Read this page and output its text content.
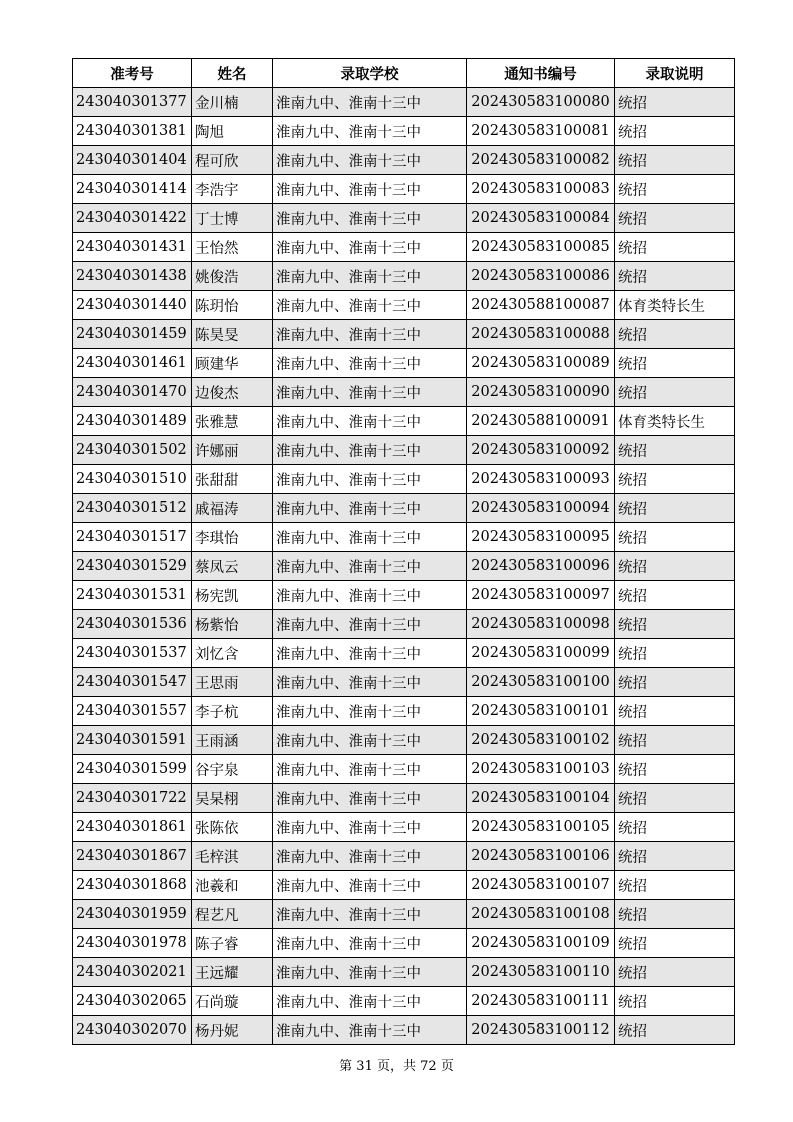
准考号	姓名	录取学校	通知书编号	录取说明
243040301377	金川楠	淮南九中、淮南十三中	202430583100080	统招
243040301381	陶旭	淮南九中、淮南十三中	202430583100081	统招
243040301404	程可欣	淮南九中、淮南十三中	202430583100082	统招
243040301414	李浩宇	淮南九中、淮南十三中	202430583100083	统招
243040301422	丁士博	淮南九中、淮南十三中	202430583100084	统招
243040301431	王怡然	淮南九中、淮南十三中	202430583100085	统招
243040301438	姚俊浩	淮南九中、淮南十三中	202430583100086	统招
243040301440	陈玥怡	淮南九中、淮南十三中	202430588100087	体育类特长生
243040301459	陈昊旻	淮南九中、淮南十三中	202430583100088	统招
243040301461	顾建华	淮南九中、淮南十三中	202430583100089	统招
243040301470	边俊杰	淮南九中、淮南十三中	202430583100090	统招
243040301489	张雅慧	淮南九中、淮南十三中	202430588100091	体育类特长生
243040301502	许娜丽	淮南九中、淮南十三中	202430583100092	统招
243040301510	张甜甜	淮南九中、淮南十三中	202430583100093	统招
243040301512	戚福涛	淮南九中、淮南十三中	202430583100094	统招
243040301517	李琪怡	淮南九中、淮南十三中	202430583100095	统招
243040301529	蔡凤云	淮南九中、淮南十三中	202430583100096	统招
243040301531	杨宪凯	淮南九中、淮南十三中	202430583100097	统招
243040301536	杨紫怡	淮南九中、淮南十三中	202430583100098	统招
243040301537	刘忆含	淮南九中、淮南十三中	202430583100099	统招
243040301547	王思雨	淮南九中、淮南十三中	202430583100100	统招
243040301557	李子杭	淮南九中、淮南十三中	202430583100101	统招
243040301591	王雨涵	淮南九中、淮南十三中	202430583100102	统招
243040301599	谷宇泉	淮南九中、淮南十三中	202430583100103	统招
243040301722	吴杲栩	淮南九中、淮南十三中	202430583100104	统招
243040301861	张陈依	淮南九中、淮南十三中	202430583100105	统招
243040301867	毛梓淇	淮南九中、淮南十三中	202430583100106	统招
243040301868	池羲和	淮南九中、淮南十三中	202430583100107	统招
243040301959	程艺凡	淮南九中、淮南十三中	202430583100108	统招
243040301978	陈子睿	淮南九中、淮南十三中	202430583100109	统招
243040302021	王远耀	淮南九中、淮南十三中	202430583100110	统招
243040302065	石尚璇	淮南九中、淮南十三中	202430583100111	统招
243040302070	杨丹妮	淮南九中、淮南十三中	202430583100112	统招
第 31 页，共 72 页
